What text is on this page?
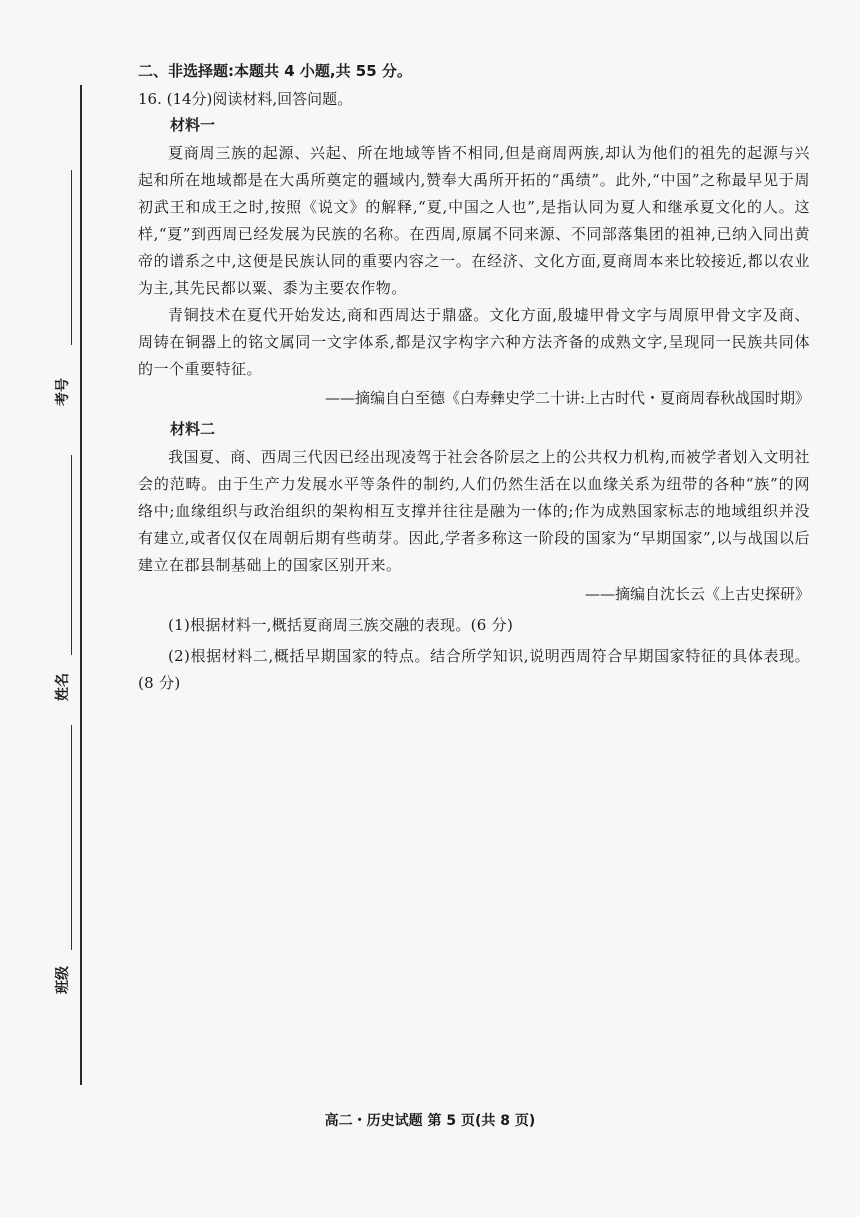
考号
姓名
班级
二、非选择题:本题共 4 小题,共 55 分。
16. (14分)阅读材料,回答问题。
材料一

夏商周三族的起源、兴起、所在地域等皆不相同,但是商周两族,却认为他们的祖先的起源与兴起和所在地域都是在大禹所奠定的疆域内,赞奉大禹所开拓的“禹绩”。此外,“中国”之称最早见于周初武王和成王之时,按照《说文》的解释,“夏,中国之人也”,是指认同为夏人和继承夏文化的人。这样,“夏”到西周已经发展为民族的名称。在西周,原属不同来源、不同部落集团的祖神,已纳入同出黄帝的谱系之中,这便是民族认同的重要内容之一。在经济、文化方面,夏商周本来比较接近,都以农业为主,其先民都以粟、黍为主要农作物。

青铜技术在夏代开始发达,商和西周达于鼎盛。文化方面,殷墟甲骨文字与周原甲骨文字及商、周铸在铜器上的铭文属同一文字体系,都是汉字构字六种方法齐备的成熟文字,呈现同一民族共同体的一个重要特征。

——摘编自白至德《白寿彝史学二十讲:上古时代・夏商周春秋战国时期》
材料二

我国夏、商、西周三代因已经出现凌驾于社会各阶层之上的公共权力机构,而被学者划入文明社会的范畴。由于生产力发展水平等条件的制约,人们仍然生活在以血缘关系为纽带的各种“族”的网络中;血缘组织与政治组织的架构相互支撑并往往是融为一体的;作为成熟国家标志的地域组织并没有建立,或者仅仅在周朝后期有些萌芽。因此,学者多称这一阶段的国家为“早期国家”,以与战国以后建立在郡县制基础上的国家区别开来。

——摘编自沈长云《上古史探研》

(1)根据材料一,概括夏商周三族交融的表现。(6 分)

(2)根据材料二,概括早期国家的特点。结合所学知识,说明西周符合早期国家特征的具体表现。(8 分)

高二・历史试题 第 5 页(共 8 页)
